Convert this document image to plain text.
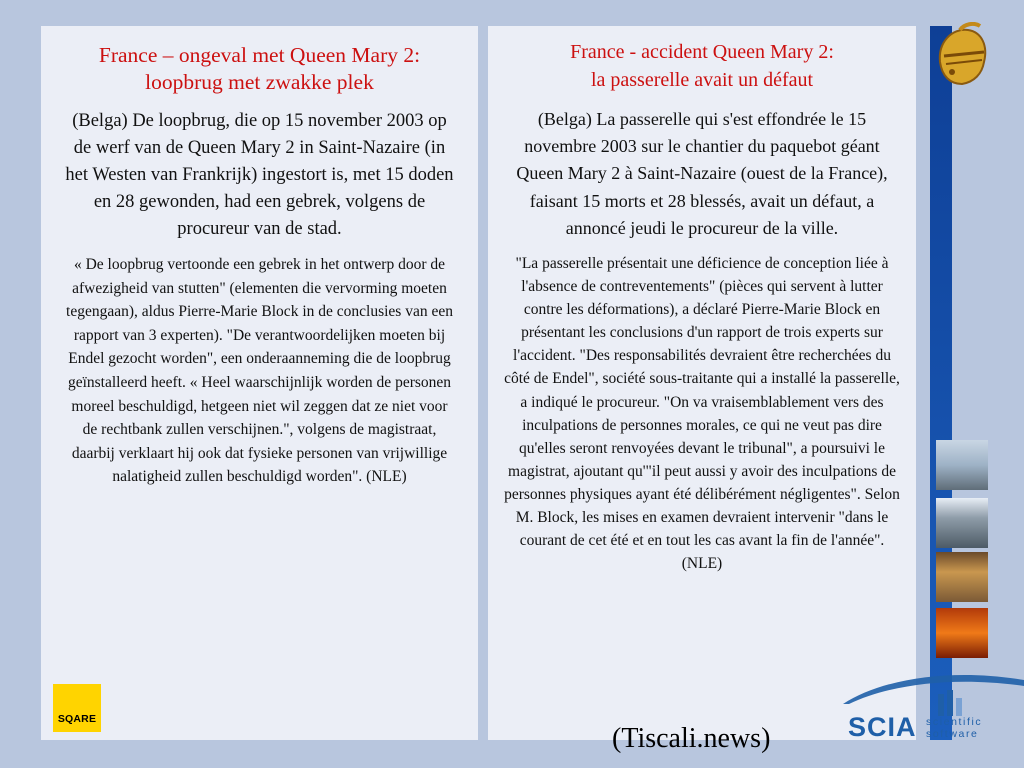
France – ongeval met Queen Mary 2:
loopbrug met zwakke plek

(Belga) De loopbrug, die op 15 november 2003 op de werf van de Queen Mary 2 in Saint-Nazaire (in het Westen van Frankrijk) ingestort is, met 15 doden en 28 gewonden, had een gebrek, volgens de procureur van de stad.

« De loopbrug vertoonde een gebrek in het ontwerp door de afwezigheid van stutten" (elementen die vervorming moeten tegengaan), aldus Pierre-Marie Block in de conclusies van een rapport van 3 experten). "De verantwoordelijken moeten bij Endel gezocht worden", een onderaanneming die de loopbrug geïnstalleerd heeft. « Heel waarschijnlijk worden de personen moreel beschuldigd, hetgeen niet wil zeggen dat ze niet voor de rechtbank zullen verschijnen.", volgens de magistraat, daarbij verklaart hij ook dat fysieke personen van vrijwillige nalatigheid zullen beschuldigd worden". (NLE)

France - accident Queen Mary 2:
la passerelle avait un défaut

(Belga) La passerelle qui s'est effondrée le 15 novembre 2003 sur le chantier du paquebot géant Queen Mary 2 à Saint-Nazaire (ouest de la France), faisant 15 morts et 28 blessés, avait un défaut, a annoncé jeudi le procureur de la ville.

"La passerelle présentait une déficience de conception liée à l'absence de contreventements" (pièces qui servent à lutter contre les déformations), a déclaré Pierre-Marie Block en présentant les conclusions d'un rapport de trois experts sur l'accident. "Des responsabilités devraient être recherchées du côté de Endel", société sous-traitante qui a installé la passerelle, a indiqué le procureur. "On va vraisemblablement vers des inculpations de personnes morales, ce qui ne veut pas dire qu'elles seront renvoyées devant le tribunal", a poursuivi le magistrat, ajoutant qu'"il peut aussi y avoir des inculpations de personnes physiques ayant été délibérément négligentes". Selon M. Block, les mises en examen devraient intervenir "dans le courant de cet été et en tout les cas avant la fin de l'année". (NLE)

SQARE	SCIA scientific
software
(Tiscali.news)
